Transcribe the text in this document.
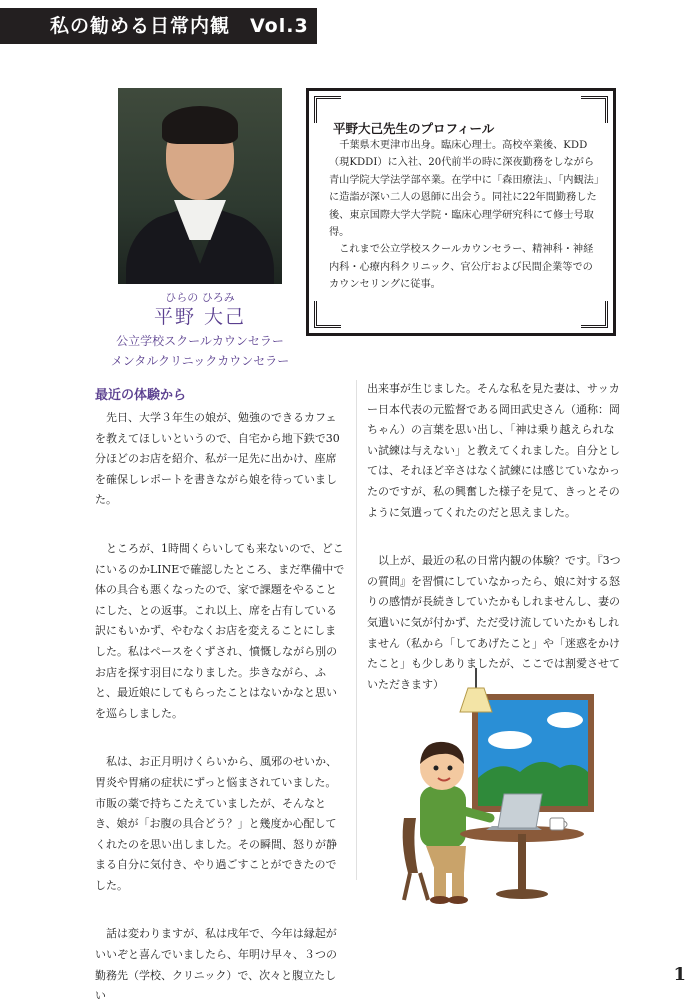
私の勧める日常内観　Vol.3
ひらの ひろみ
平野 大己
公立学校スクールカウンセラー
メンタルクリニックカウンセラー
平野大己先生のプロフィール

千葉県木更津市出身。臨床心理士。高校卒業後、KDD（現KDDI）に入社、20代前半の時に深夜勤務をしながら青山学院大学法学部卒業。在学中に「森田療法」、「内観法」に造詣が深い二人の恩師に出会う。同社に22年間勤務した後、東京国際大学大学院・臨床心理学研究科にて修士号取得。

これまで公立学校スクールカウンセラー、精神科・神経内科・心療内科クリニック、官公庁および民間企業等でのカウンセリングに従事。

最近の体験から

先日、大学３年生の娘が、勉強のできるカフェを教えてほしいというので、自宅から地下鉄で30分ほどのお店を紹介、私が一足先に出かけ、座席を確保しレポートを書きながら娘を待っていました。

ところが、1時間くらいしても来ないので、どこにいるのかLINEで確認したところ、まだ準備中で体の具合も悪くなったので、家で課題をやることにした、との返事。これ以上、席を占有している訳にもいかず、やむなくお店を変えることにしました。私はペースをくずされ、憤慨しながら別のお店を探す羽目になりました。歩きながら、ふと、最近娘にしてもらったことはないかなと思いを巡らしました。

私は、お正月明けくらいから、風邪のせいか、胃炎や胃痛の症状にずっと悩まされていました。市販の薬で持ちこたえていましたが、そんなとき、娘が「お腹の具合どう？」と幾度か心配してくれたのを思い出しました。その瞬間、怒りが静まる自分に気付き、やり過ごすことができたのでした。

話は変わりますが、私は戌年で、今年は縁起がいいぞと喜んでいましたら、年明け早々、３つの勤務先（学校、クリニック）で、次々と腹立たしい

出来事が生じました。そんな私を見た妻は、サッカー日本代表の元監督である岡田武史さん（通称：岡ちゃん）の言葉を思い出し、「神は乗り越えられない試練は与えない」と教えてくれました。自分としては、それほど辛さはなく試練には感じていなかったのですが、私の興奮した様子を見て、きっとそのように気遣ってくれたのだと思えました。

以上が、最近の私の日常内観の体験？です。『3つの質問』を習慣にしていなかったら、娘に対する怒りの感情が長続きしていたかもしれませんし、妻の気遣いに気が付かず、ただ受け流していたかもしれません（私から「してあげたこと」や「迷惑をかけたこと」も少しありましたが、ここでは割愛させていただきます）

1
